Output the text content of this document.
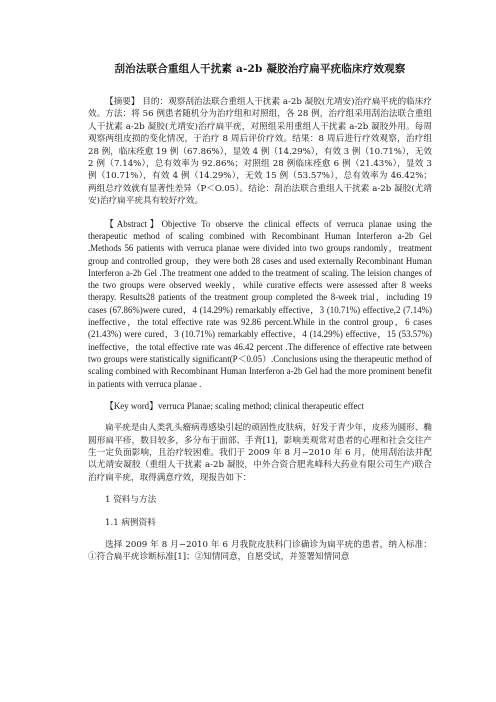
刮治法联合重组人干扰素 a-2b 凝胶治疗扁平疣临床疗效观察

【摘要】 目的：观察刮治法联合重组人干扰素 a-2b 凝胶(尤靖安)治疗扁平疣的临床疗效。方法：将 56 例患者随机分为治疗组和对照组，各 28 例，治疗组采用刮治法联合重组人干扰素 a-2b 凝胶(尤靖安)治疗扁平疣，对照组采用重组人干扰素 a-2b 凝胶外用。每周观察两组皮损的变化情况，于治疗 8 周后评价疗效。结果：8 周后进行疗效观察，治疗组 28 例，临床痊愈 19 例（67.86%），显效 4 例（14.29%），有效 3 例（10.71%），无效 2 例（7.14%），总有效率为 92.86%；对照组 28 例临床痊愈 6 例（21.43%），显效 3 例（10.71%），有效 4 例（14.29%），无效 15 例（53.57%），总有效率为 46.42%；两组总疗效就有显著性差异（P＜O.05）。结论：刮治法联合重组人干扰素 a-2b 凝胶(尤靖安)治疗扁平疣具有较好疗效。

【Abstract】Objective To observe the clinical effects of verruca planae using the therapeutic method of scaling combined with Recombinant Human Interferon a-2b Gel .Methods 56 patients with verruca planae were divided into two groups randomly，treatment group and controlled group，they were both 28 cases and used externally Recombinant Human Interferon a-2b Gel .The treatment one added to the treatment of scaling. The leision changes of the two groups were observed weekly，while curative effects were assessed after 8 weeks therapy. Results28 patients of the treatment group completed the 8-week trial，including 19 cases (67.86%)were cured，4 (14.29%) remarkably effective，3 (10.71%) effective,2 (7.14%) ineffective，the total effective rate was 92.86 percent.While in the control group，6 cases (21.43%) were cured，3 (10.71%) remarkably effective，4 (14.29%) effective，15 (53.57%) ineffective，the total effective rate was 46.42 percent .The difference of effective rate between two groups were statistically significant(P＜0.05）.Conclusions using the therapeutic method of scaling combined with Recombinant Human Interferon a-2b Gel had the more prominent benefit in patients with verruca planae .

【Key word】verruca Planae; scaling method; clinical therapeutic effect

扁平疣是由人类乳头瘤病毒感染引起的顽固性皮肤病，好发于青少年，皮疹为圆形、椭圆形扁平疹，数目较多，多分布于面部、手背[1]，影响美观常对患者的心理和社会交往产生一定负面影响，且治疗较困难。我们于 2009 年 8 月−2010 年 6 月，使用刮治法并配以尤靖安凝胶（重组人干扰素 a-2b 凝胶，中外合资合肥兆峰科大药业有限公司生产)联合治疗扁平疣，取得满意疗效，现报告如下：

1 资料与方法
1.1 病例资料

选择 2009 年 8 月−2010 年 6 月我院皮肤科门诊确诊为扁平疣的患者，纳入标准：①符合扁平疣诊断标准[1]；②知情同意，自愿受试，并签署知情同意
